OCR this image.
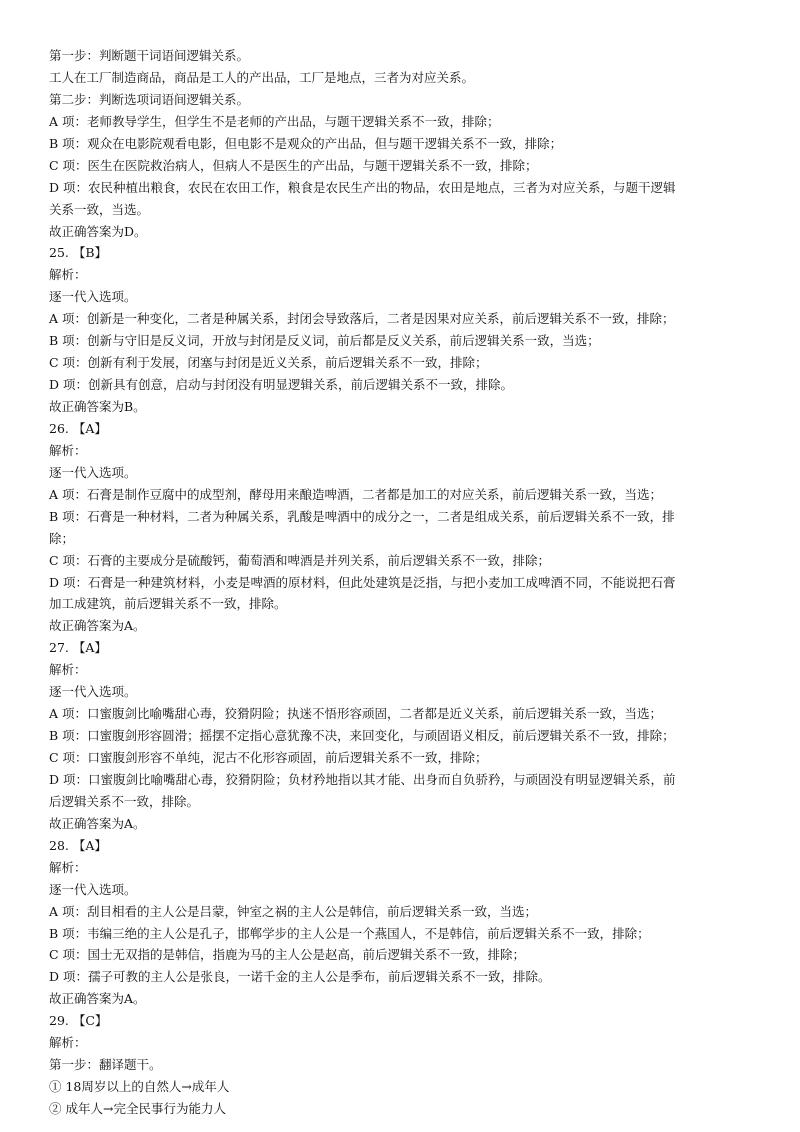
第一步：判断题干词语间逻辑关系。
工人在工厂制造商品，商品是工人的产出品，工厂是地点，三者为对应关系。
第二步：判断选项词语间逻辑关系。
A 项：老师教导学生，但学生不是老师的产出品，与题干逻辑关系不一致，排除；
B 项：观众在电影院观看电影，但电影不是观众的产出品，但与题干逻辑关系不一致，排除；
C 项：医生在医院救治病人，但病人不是医生的产出品，与题干逻辑关系不一致，排除；
D 项：农民种植出粮食，农民在农田工作，粮食是农民生产出的物品，农田是地点，三者为对应关系，与题干逻辑
关系一致，当选。
故正确答案为D。
25. 【B】
解析：
逐一代入选项。
A 项：创新是一种变化，二者是种属关系，封闭会导致落后，二者是因果对应关系，前后逻辑关系不一致，排除；
B 项：创新与守旧是反义词，开放与封闭是反义词，前后都是反义关系，前后逻辑关系一致，当选；
C 项：创新有利于发展，闭塞与封闭是近义关系，前后逻辑关系不一致，排除；
D 项：创新具有创意，启动与封闭没有明显逻辑关系，前后逻辑关系不一致，排除。
故正确答案为B。
26. 【A】
解析：
逐一代入选项。
A 项：石膏是制作豆腐中的成型剂，酵母用来酿造啤酒，二者都是加工的对应关系，前后逻辑关系一致，当选；
B 项：石膏是一种材料，二者为种属关系，乳酸是啤酒中的成分之一，二者是组成关系，前后逻辑关系不一致，排
除；
C 项：石膏的主要成分是硫酸钙，葡萄酒和啤酒是并列关系，前后逻辑关系不一致，排除；
D 项：石膏是一种建筑材料，小麦是啤酒的原材料，但此处建筑是泛指，与把小麦加工成啤酒不同，不能说把石膏
加工成建筑，前后逻辑关系不一致，排除。
故正确答案为A。
27. 【A】
解析：
逐一代入选项。
A 项：口蜜腹剑比喻嘴甜心毒，狡猾阴险；执迷不悟形容顽固，二者都是近义关系，前后逻辑关系一致，当选；
B 项：口蜜腹剑形容圆滑；摇摆不定指心意犹豫不决，来回变化，与顽固语义相反，前后逻辑关系不一致，排除；
C 项：口蜜腹剑形容不单纯，泥古不化形容顽固，前后逻辑关系不一致，排除；
D 项：口蜜腹剑比喻嘴甜心毒，狡猾阴险；负材矜地指以其才能、出身而自负骄矜，与顽固没有明显逻辑关系，前
后逻辑关系不一致，排除。
故正确答案为A。
28. 【A】
解析：
逐一代入选项。
A 项：刮目相看的主人公是吕蒙，钟室之祸的主人公是韩信，前后逻辑关系一致，当选；
B 项：韦编三绝的主人公是孔子，邯郸学步的主人公是一个燕国人，不是韩信，前后逻辑关系不一致，排除；
C 项：国士无双指的是韩信，指鹿为马的主人公是赵高，前后逻辑关系不一致，排除；
D 项：孺子可教的主人公是张良，一诺千金的主人公是季布，前后逻辑关系不一致，排除。
故正确答案为A。
29. 【C】
解析：
第一步：翻译题干。
① 18周岁以上的自然人→成年人
② 成年人→完全民事行为能力人
